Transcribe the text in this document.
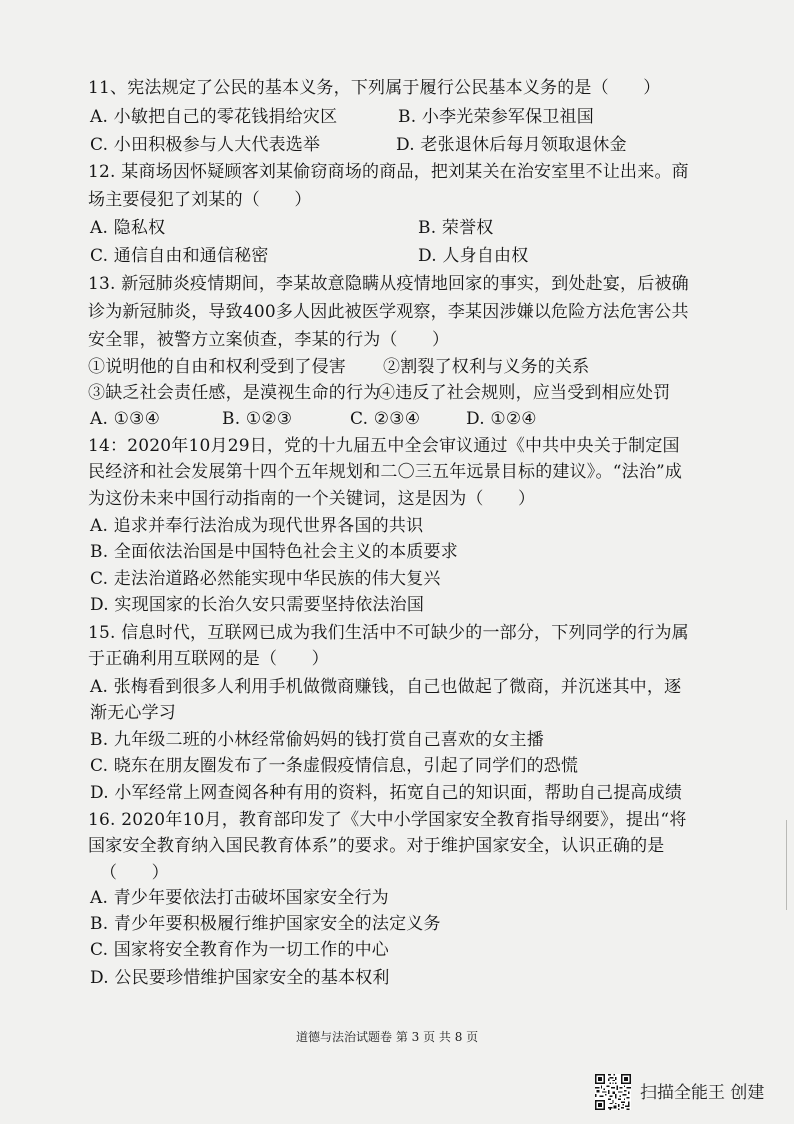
11、宪法规定了公民的基本义务，下列属于履行公民基本义务的是（　　）
A. 小敏把自己的零花钱捐给灾区	B. 小李光荣参军保卫祖国
C. 小田积极参与人大代表选举	D. 老张退休后每月领取退休金
12. 某商场因怀疑顾客刘某偷窃商场的商品，把刘某关在治安室里不让出来。商
场主要侵犯了刘某的（　　）
A. 隐私权	B. 荣誉权
C. 通信自由和通信秘密	D. 人身自由权
13. 新冠肺炎疫情期间，李某故意隐瞒从疫情地回家的事实，到处赴宴，后被确
诊为新冠肺炎，导致400多人因此被医学观察，李某因涉嫌以危险方法危害公共
安全罪，被警方立案侦查，李某的行为（　　）
①说明他的自由和权利受到了侵害 ②割裂了权利与义务的关系
③缺乏社会责任感，是漠视生命的行为
④违反了社会规则，应当受到相应处罚
A. ①③④	B. ①②③	C. ②③④	D. ①②④
14：2020年10月29日，党的十九届五中全会审议通过《中共中央关于制定国
民经济和社会发展第十四个五年规划和二〇三五年远景目标的建议》。“法治”成
为这份未来中国行动指南的一个关键词，这是因为（　　）
A. 追求并奉行法治成为现代世界各国的共识
B. 全面依法治国是中国特色社会主义的本质要求
C. 走法治道路必然能实现中华民族的伟大复兴
D. 实现国家的长治久安只需要坚持依法治国
15. 信息时代，互联网已成为我们生活中不可缺少的一部分，下列同学的行为属
于正确利用互联网的是（　　）
A. 张梅看到很多人利用手机做微商赚钱，自己也做起了微商，并沉迷其中，逐
渐无心学习
B. 九年级二班的小林经常偷妈妈的钱打赏自己喜欢的女主播
C. 晓东在朋友圈发布了一条虚假疫情信息，引起了同学们的恐慌
D. 小军经常上网查阅各种有用的资料，拓宽自己的知识面，帮助自己提高成绩
16. 2020年10月，教育部印发了《大中小学国家安全教育指导纲要》，提出“将
国家安全教育纳入国民教育体系”的要求。对于维护国家安全，认识正确的是
（　　）
A. 青少年要依法打击破坏国家安全行为
B. 青少年要积极履行维护国家安全的法定义务
C. 国家将安全教育作为一切工作的中心
D. 公民要珍惜维护国家安全的基本权利
道德与法治试题卷 第 3 页 共 8 页
扫描全能王 创建
